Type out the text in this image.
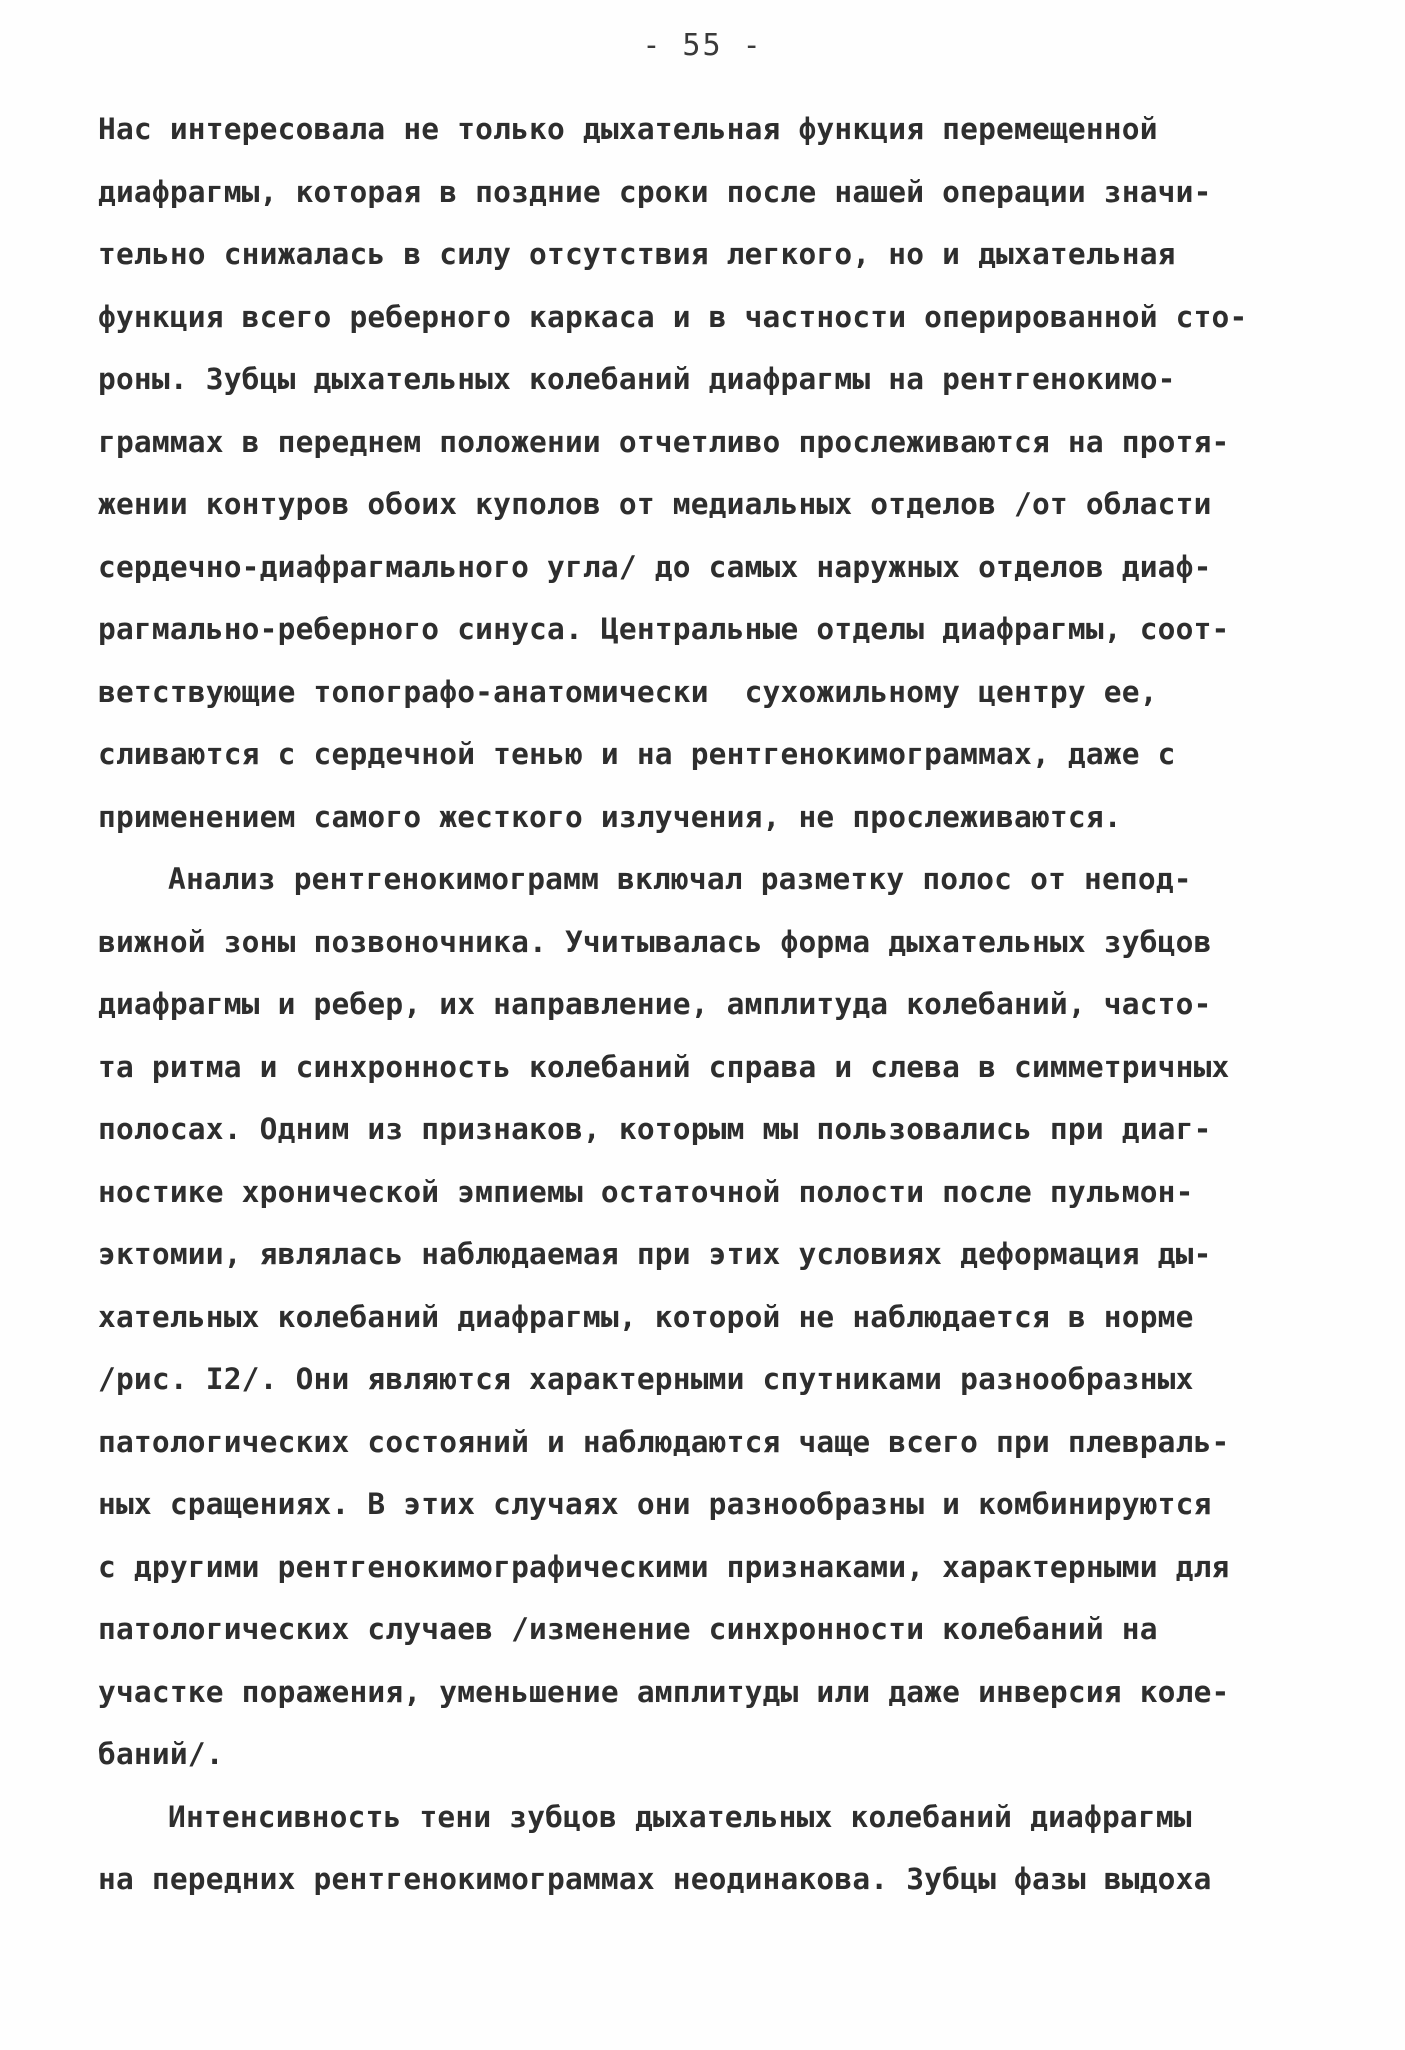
- 55 -
Нас интересовала не только дыхательная функция перемещенной
диафрагмы, которая в поздние сроки после нашей операции значи-
тельно снижалась в силу отсутствия легкого, но и дыхательная
функция всего реберного каркаса и в частности оперированной сто-
роны. Зубцы дыхательных колебаний диафрагмы на рентгенокимо-
граммах в переднем положении отчетливо прослеживаются на протя-
жении контуров обоих куполов от медиальных отделов /от области
сердечно-диафрагмального угла/ до самых наружных отделов диаф-
рагмально-реберного синуса. Центральные отделы диафрагмы, соот-
ветствующие топографо-анатомически  сухожильному центру ее,
сливаются с сердечной тенью и на рентгенокимограммах, даже с
применением самого жесткого излучения, не прослеживаются.
Анализ рентгенокимограмм включал разметку полос от непод-
вижной зоны позвоночника. Учитывалась форма дыхательных зубцов
диафрагмы и ребер, их направление, амплитуда колебаний, часто-
та ритма и синхронность колебаний справа и слева в симметричных
полосах. Одним из признаков, которым мы пользовались при диаг-
ностике хронической эмпиемы остаточной полости после пульмон-
эктомии, являлась наблюдаемая при этих условиях деформация ды-
хательных колебаний диафрагмы, которой не наблюдается в норме
/рис. I2/. Они являются характерными спутниками разнообразных
патологических состояний и наблюдаются чаще всего при плевраль-
ных сращениях. В этих случаях они разнообразны и комбинируются
с другими рентгенокимографическими признаками, характерными для
патологических случаев /изменение синхронности колебаний на
участке поражения, уменьшение амплитуды или даже инверсия коле-
баний/.
Интенсивность тени зубцов дыхательных колебаний диафрагмы
на передних рентгенокимограммах неодинакова. Зубцы фазы выдоха
